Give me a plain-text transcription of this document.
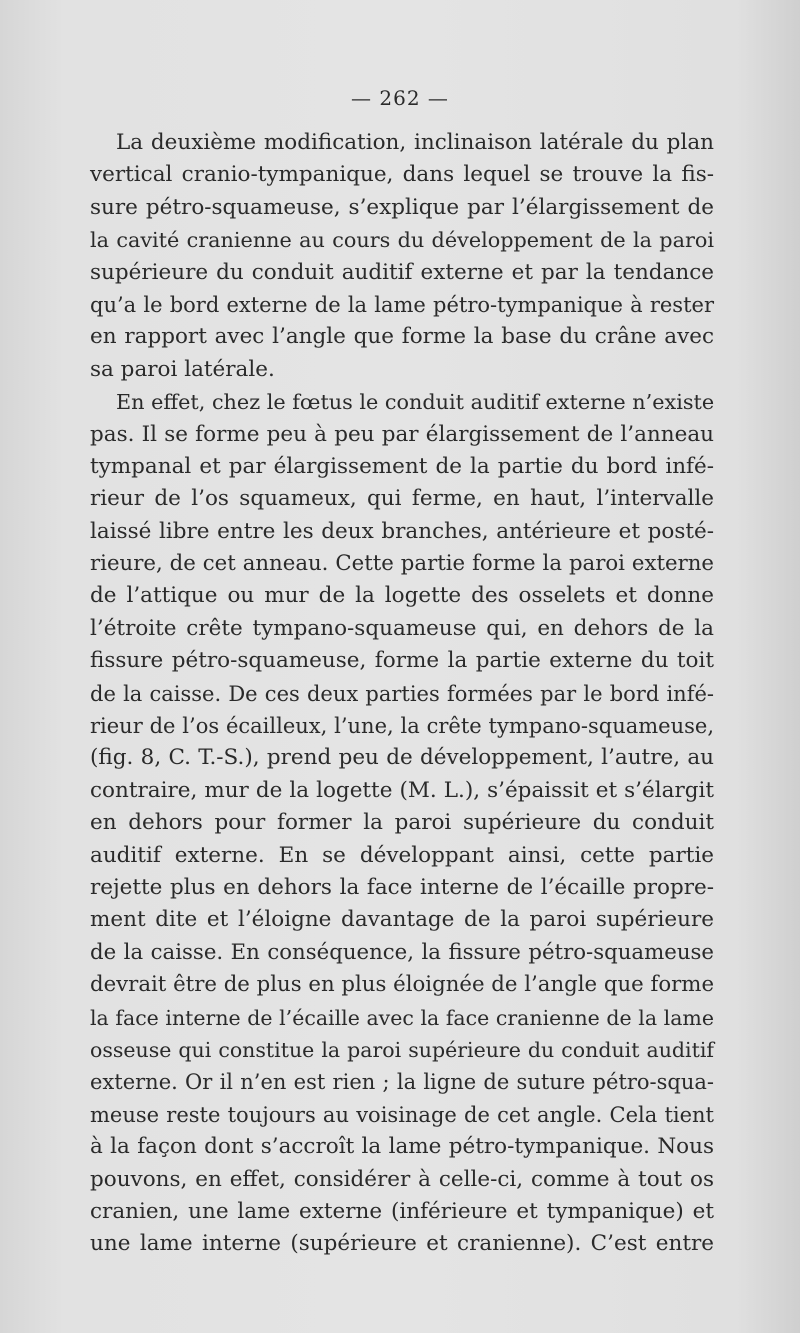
— 262 —
La deuxième modification, inclinaison latérale du plan
vertical cranio-tympanique, dans lequel se trouve la fis-
sure pétro-squameuse, s’explique par l’élargissement de
la cavité cranienne au cours du développement de la paroi
supérieure du conduit auditif externe et par la tendance
qu’a le bord externe de la lame pétro-tympanique à rester
en rapport avec l’angle que forme la base du crâne avec
sa paroi latérale.
En effet, chez le fœtus le conduit auditif externe n’existe
pas. Il se forme peu à peu par élargissement de l’anneau
tympanal et par élargissement de la partie du bord infé-
rieur de l’os squameux, qui ferme, en haut, l’intervalle
laissé libre entre les deux branches, antérieure et posté-
rieure, de cet anneau. Cette partie forme la paroi externe
de l’attique ou mur de la logette des osselets et donne
l’étroite crête tympano-squameuse qui, en dehors de la
fissure pétro-squameuse, forme la partie externe du toit
de la caisse. De ces deux parties formées par le bord infé-
rieur de l’os écailleux, l’une, la crête tympano-squameuse,
(fig. 8, C. T.-S.), prend peu de développement, l’autre, au
contraire, mur de la logette (M. L.), s’épaissit et s’élargit
en dehors pour former la paroi supérieure du conduit
auditif externe. En se développant ainsi, cette partie
rejette plus en dehors la face interne de l’écaille propre-
ment dite et l’éloigne davantage de la paroi supérieure
de la caisse. En conséquence, la fissure pétro-squameuse
devrait être de plus en plus éloignée de l’angle que forme
la face interne de l’écaille avec la face cranienne de la lame
osseuse qui constitue la paroi supérieure du conduit auditif
externe. Or il n’en est rien ; la ligne de suture pétro-squa-
meuse reste toujours au voisinage de cet angle. Cela tient
à la façon dont s’accroît la lame pétro-tympanique. Nous
pouvons, en effet, considérer à celle-ci, comme à tout os
cranien, une lame externe (inférieure et tympanique) et
une lame interne (supérieure et cranienne). C’est entre
